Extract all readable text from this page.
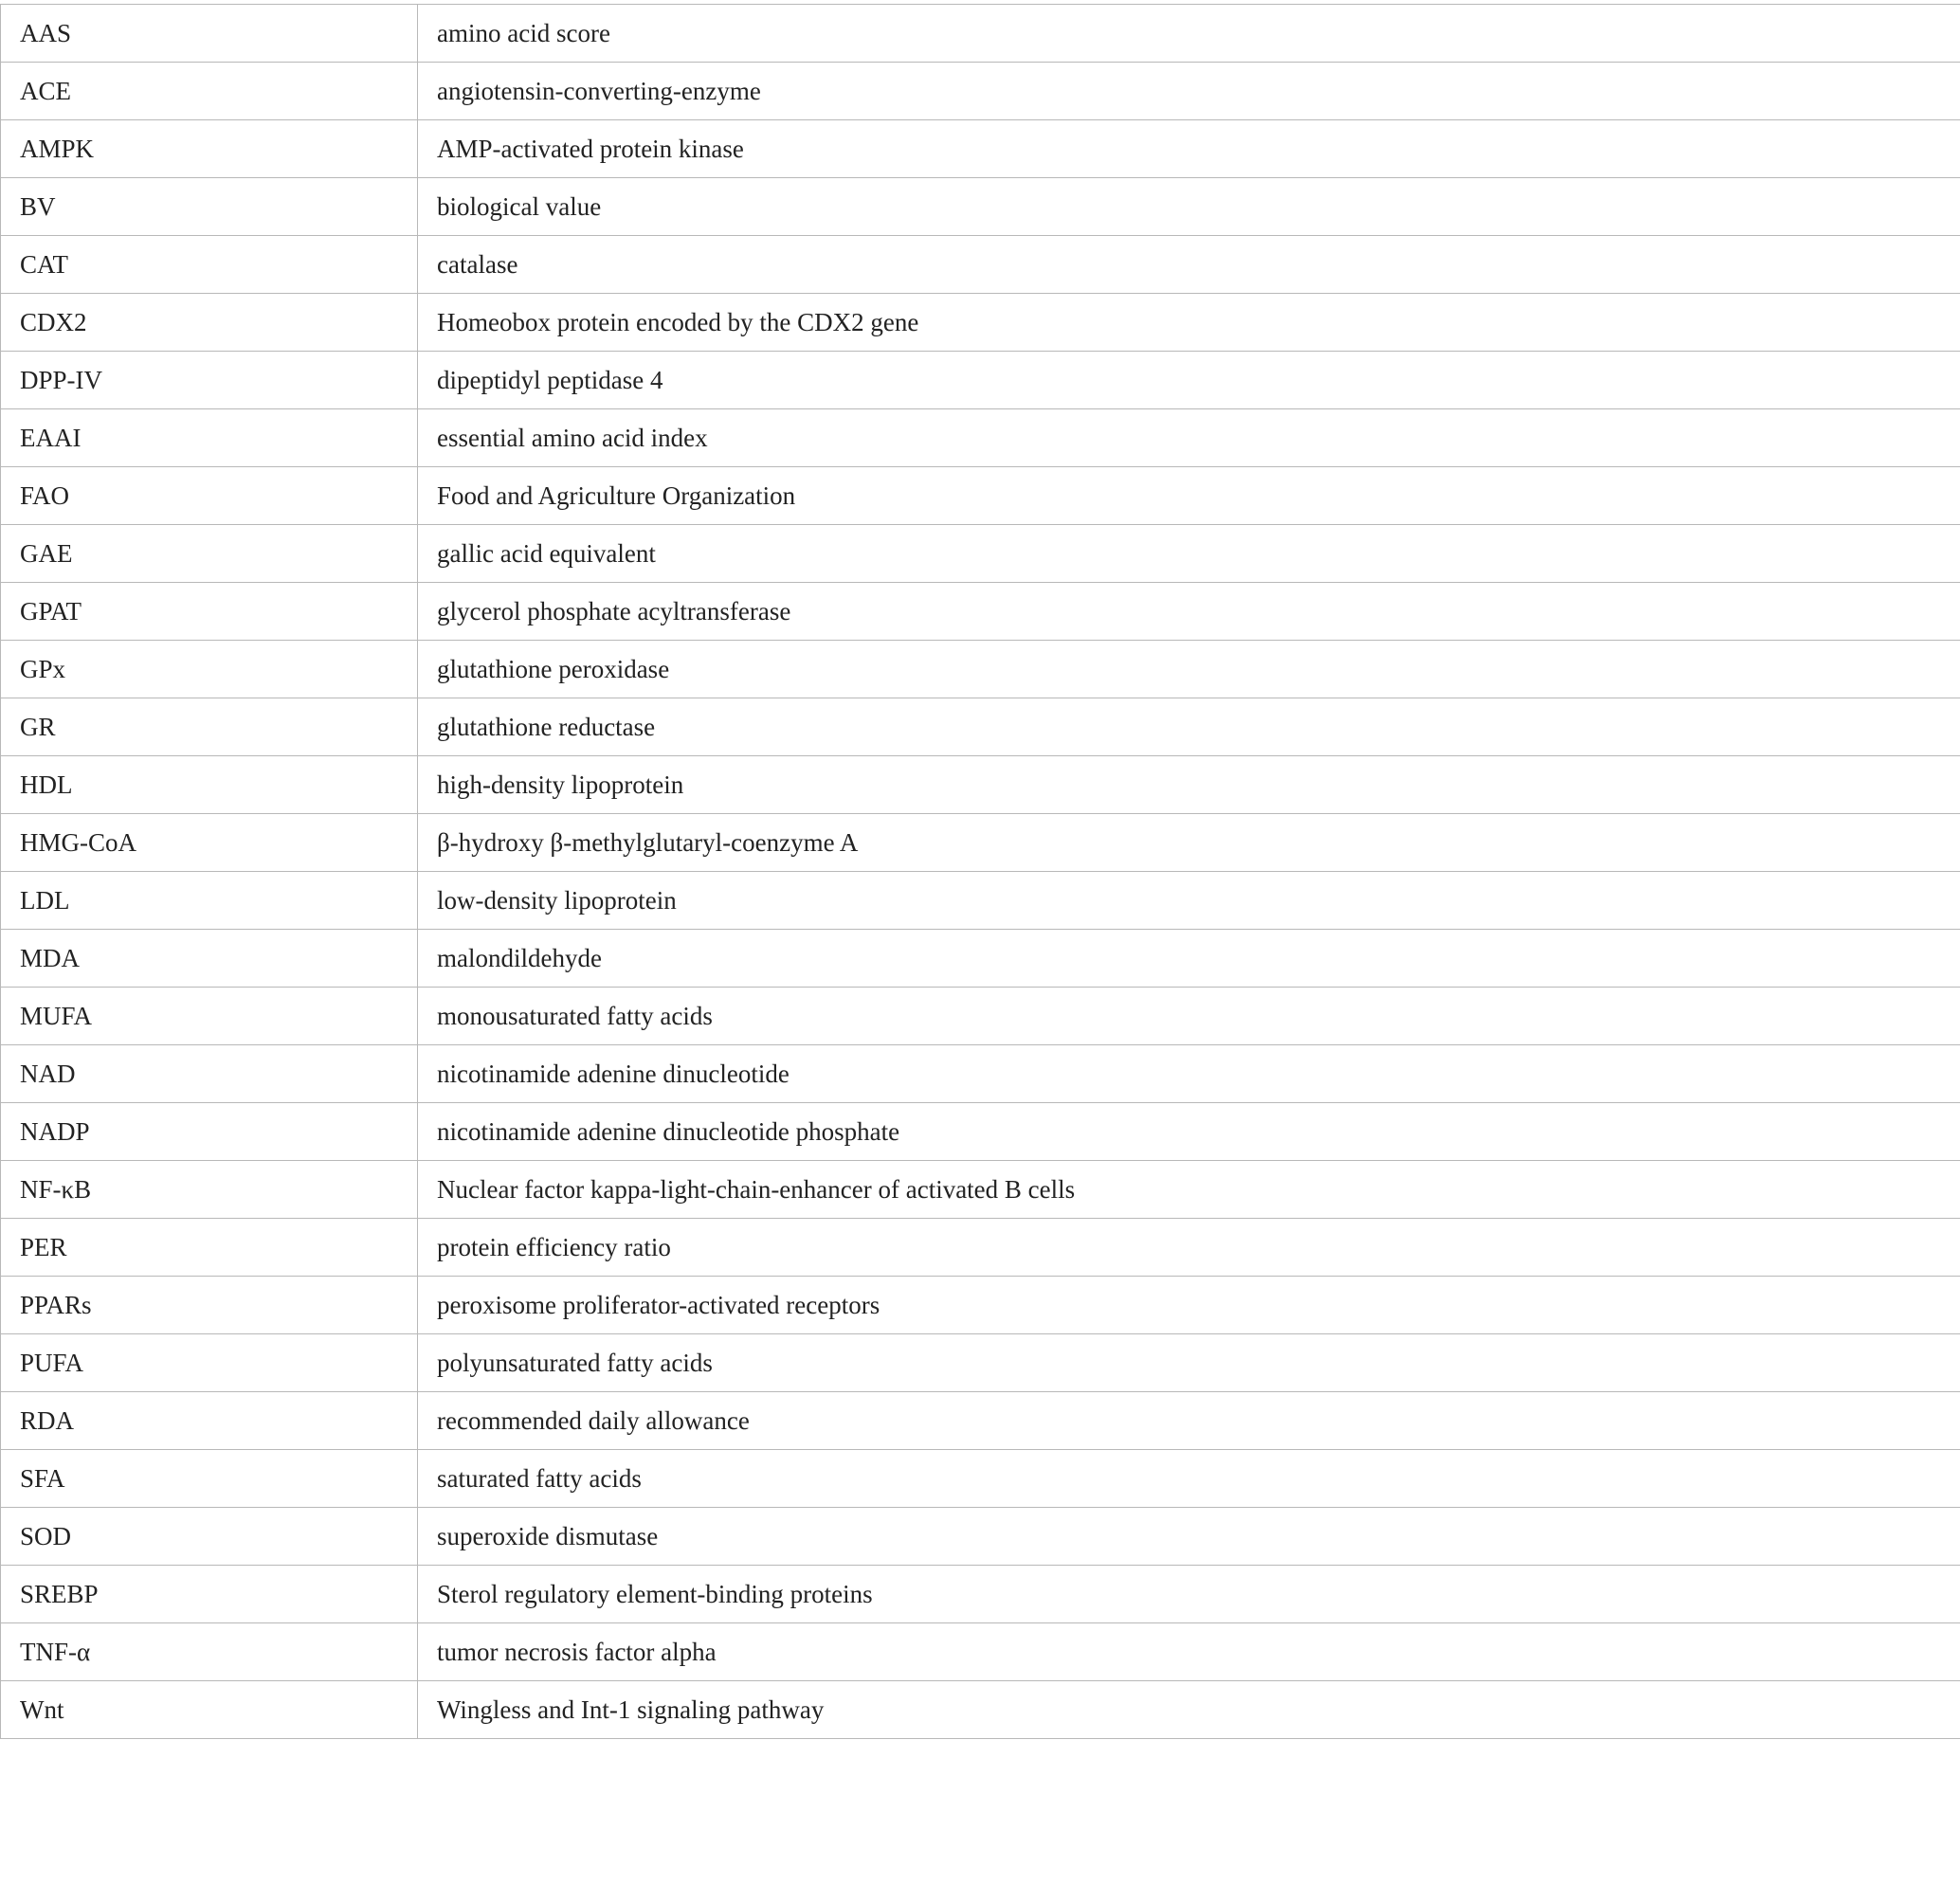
AAS	amino acid score
ACE	angiotensin-converting-enzyme
AMPK	AMP-activated protein kinase
BV	biological value
CAT	catalase
CDX2	Homeobox protein encoded by the CDX2 gene
DPP-IV	dipeptidyl peptidase 4
EAAI	essential amino acid index
FAO	Food and Agriculture Organization
GAE	gallic acid equivalent
GPAT	glycerol phosphate acyltransferase
GPx	glutathione peroxidase
GR	glutathione reductase
HDL	high-density lipoprotein
HMG-CoA	β-hydroxy β-methylglutaryl-coenzyme A
LDL	low-density lipoprotein
MDA	malondildehyde
MUFA	monousaturated fatty acids
NAD	nicotinamide adenine dinucleotide
NADP	nicotinamide adenine dinucleotide phosphate
NF-κB	Nuclear factor kappa-light-chain-enhancer of activated B cells
PER	protein efficiency ratio
PPARs	peroxisome proliferator-activated receptors
PUFA	polyunsaturated fatty acids
RDA	recommended daily allowance
SFA	saturated fatty acids
SOD	superoxide dismutase
SREBP	Sterol regulatory element-binding proteins
TNF-α	tumor necrosis factor alpha
Wnt	Wingless and Int-1 signaling pathway
